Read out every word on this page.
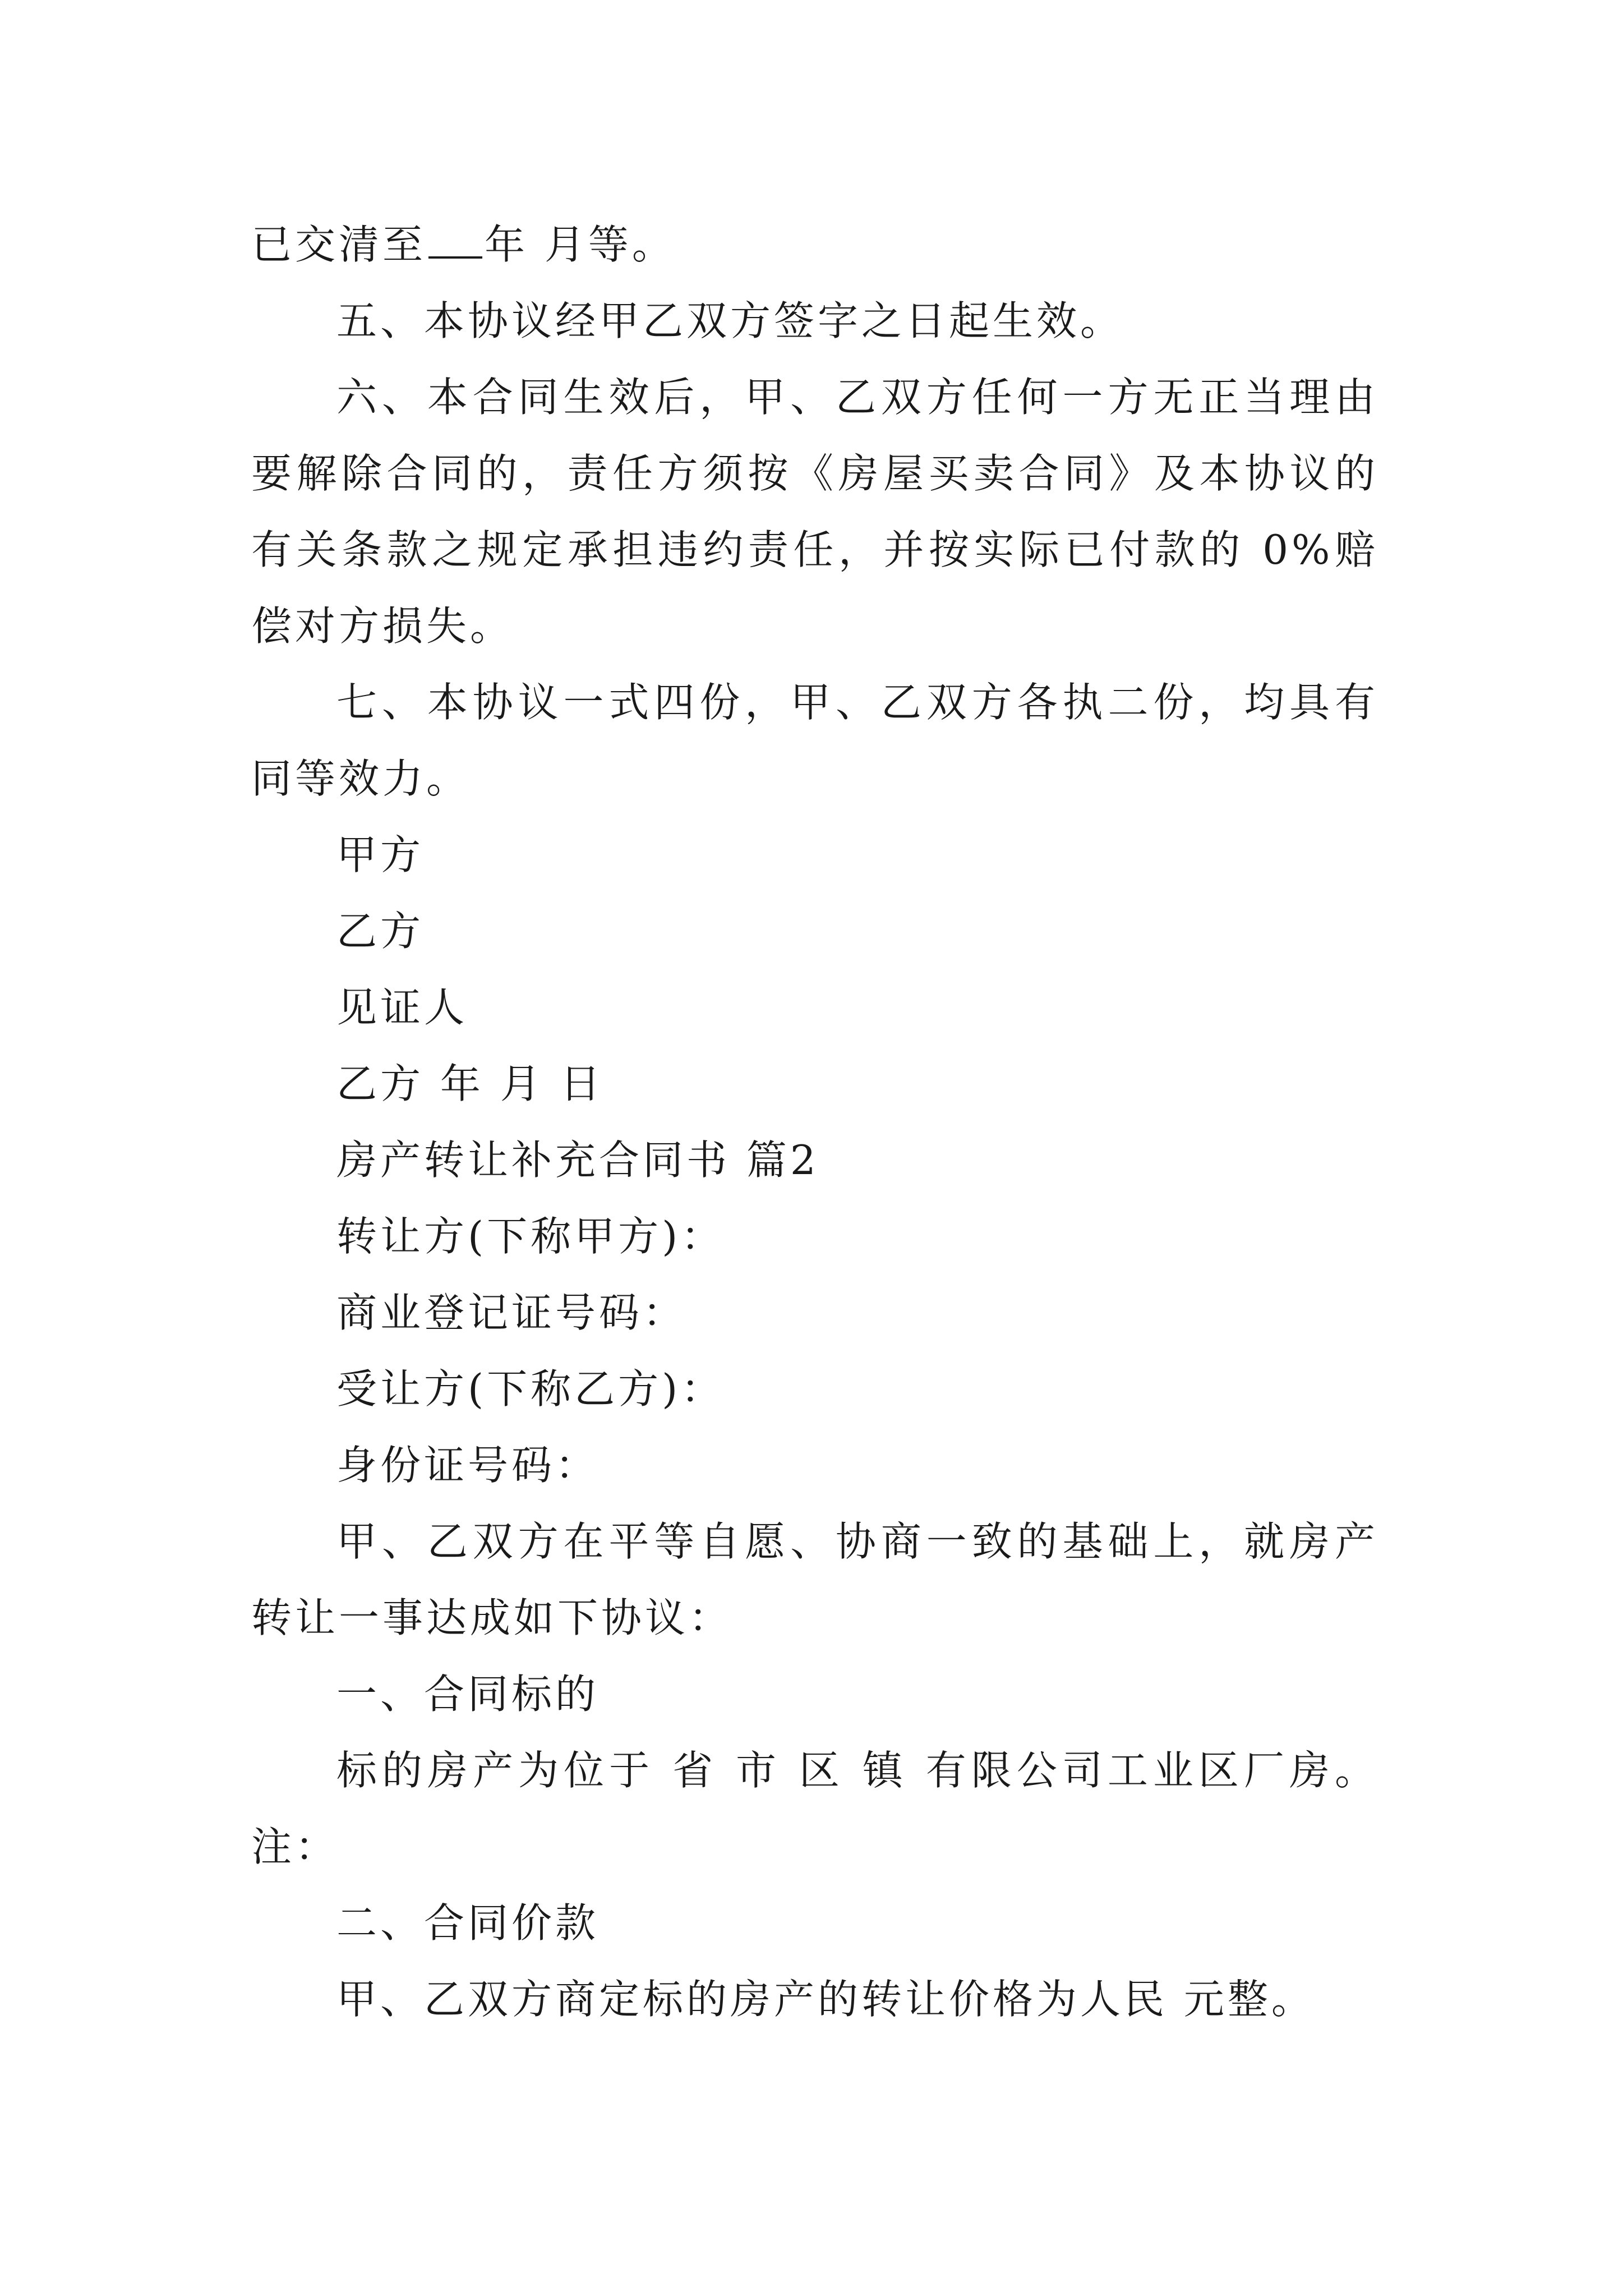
已交清至 年 月等。

五、本协议经甲乙双方签字之日起生效。

六、本合同生效后，甲、乙双方任何一方无正当理由要解除合同的，责任方须按《房屋买卖合同》及本协议的有关条款之规定承担违约责任，并按实际已付款的 0%赔偿对方损失。

七、本协议一式四份，甲、乙双方各执二份，均具有同等效力。

甲方

乙方

见证人

乙方 年 月 日

房产转让补充合同书 篇2

转让方(下称甲方)：

商业登记证号码：

受让方(下称乙方)：

身份证号码：

甲、乙双方在平等自愿、协商一致的基础上，就房产转让一事达成如下协议：

一、合同标的

标的房产为位于 省 市 区 镇 有限公司工业区厂房。注：

二、合同价款

甲、乙双方商定标的房产的转让价格为人民 元整。
